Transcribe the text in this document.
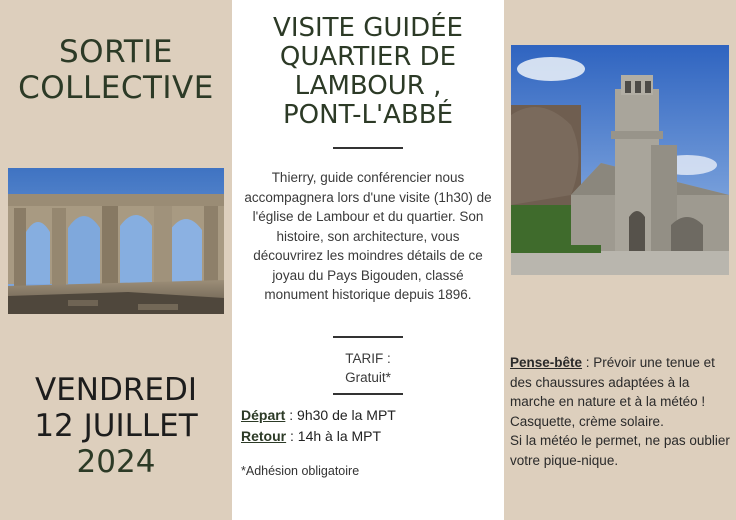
SORTIE
COLLECTIVE
VENDREDI
12 JUILLET
2024
VISITE GUIDÉE
QUARTIER DE
LAMBOUR ,
PONT-L'ABBÉ
Thierry, guide conférencier nous accompagnera lors d'une visite (1h30) de l'église de Lambour et du quartier. Son histoire, son architecture, vous découvrirez les moindres détails de ce joyau du Pays Bigouden, classé monument historique depuis 1896.
TARIF :
Gratuit*
Départ : 9h30 de la MPT
Retour : 14h à la MPT
*Adhésion obligatoire
Pense-bête : Prévoir une tenue et des chaussures adaptées à la marche en nature et à la météo ! Casquette, crème solaire.
Si la météo le permet, ne pas oublier votre pique-nique.
